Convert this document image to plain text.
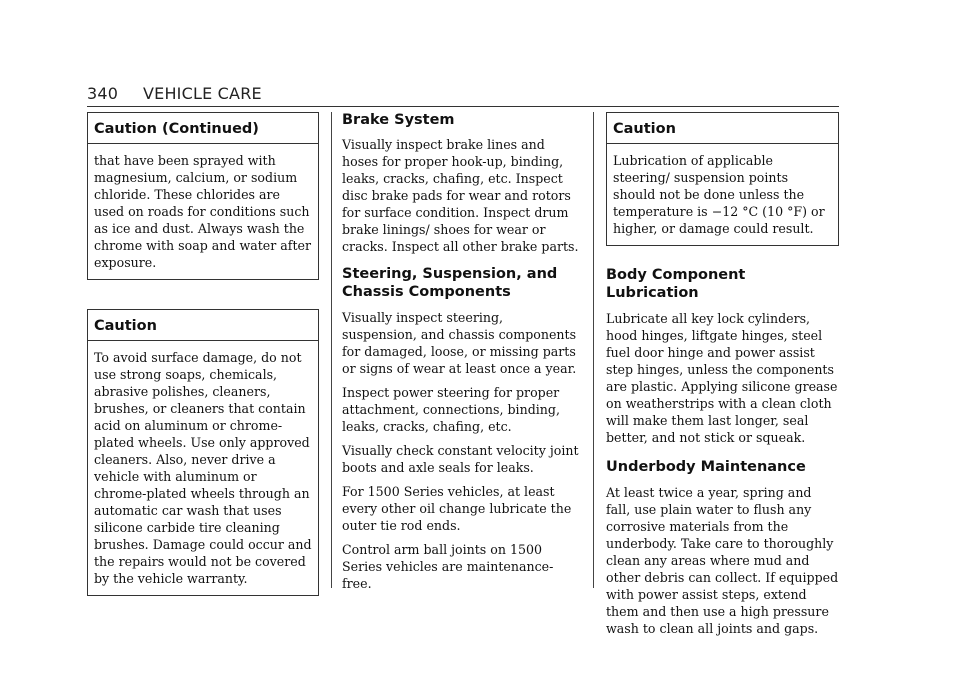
340 VEHICLE CARE
Caution (Continued)

that have been sprayed with magnesium, calcium, or sodium chloride. These chlorides are used on roads for conditions such as ice and dust. Always wash the chrome with soap and water after exposure.

Caution

To avoid surface damage, do not use strong soaps, chemicals, abrasive polishes, cleaners, brushes, or cleaners that contain acid on aluminum or chrome-plated wheels. Use only approved cleaners. Also, never drive a vehicle with aluminum or chrome-plated wheels through an automatic car wash that uses silicone carbide tire cleaning brushes. Damage could occur and the repairs would not be covered by the vehicle warranty.

Brake System

Visually inspect brake lines and hoses for proper hook-up, binding, leaks, cracks, chafing, etc. Inspect disc brake pads for wear and rotors for surface condition. Inspect drum brake linings/ shoes for wear or cracks. Inspect all other brake parts.

Steering, Suspension, and Chassis Components

Visually inspect steering, suspension, and chassis components for damaged, loose, or missing parts or signs of wear at least once a year.

Inspect power steering for proper attachment, connections, binding, leaks, cracks, chafing, etc.

Visually check constant velocity joint boots and axle seals for leaks.

For 1500 Series vehicles, at least every other oil change lubricate the outer tie rod ends.

Control arm ball joints on 1500 Series vehicles are maintenance-free.

Caution

Lubrication of applicable steering/ suspension points should not be done unless the temperature is −12 °C (10 °F) or higher, or damage could result.

Body Component Lubrication

Lubricate all key lock cylinders, hood hinges, liftgate hinges, steel fuel door hinge and power assist step hinges, unless the components are plastic. Applying silicone grease on weatherstrips with a clean cloth will make them last longer, seal better, and not stick or squeak.

Underbody Maintenance

At least twice a year, spring and fall, use plain water to flush any corrosive materials from the underbody. Take care to thoroughly clean any areas where mud and other debris can collect. If equipped with power assist steps, extend them and then use a high pressure wash to clean all joints and gaps.
